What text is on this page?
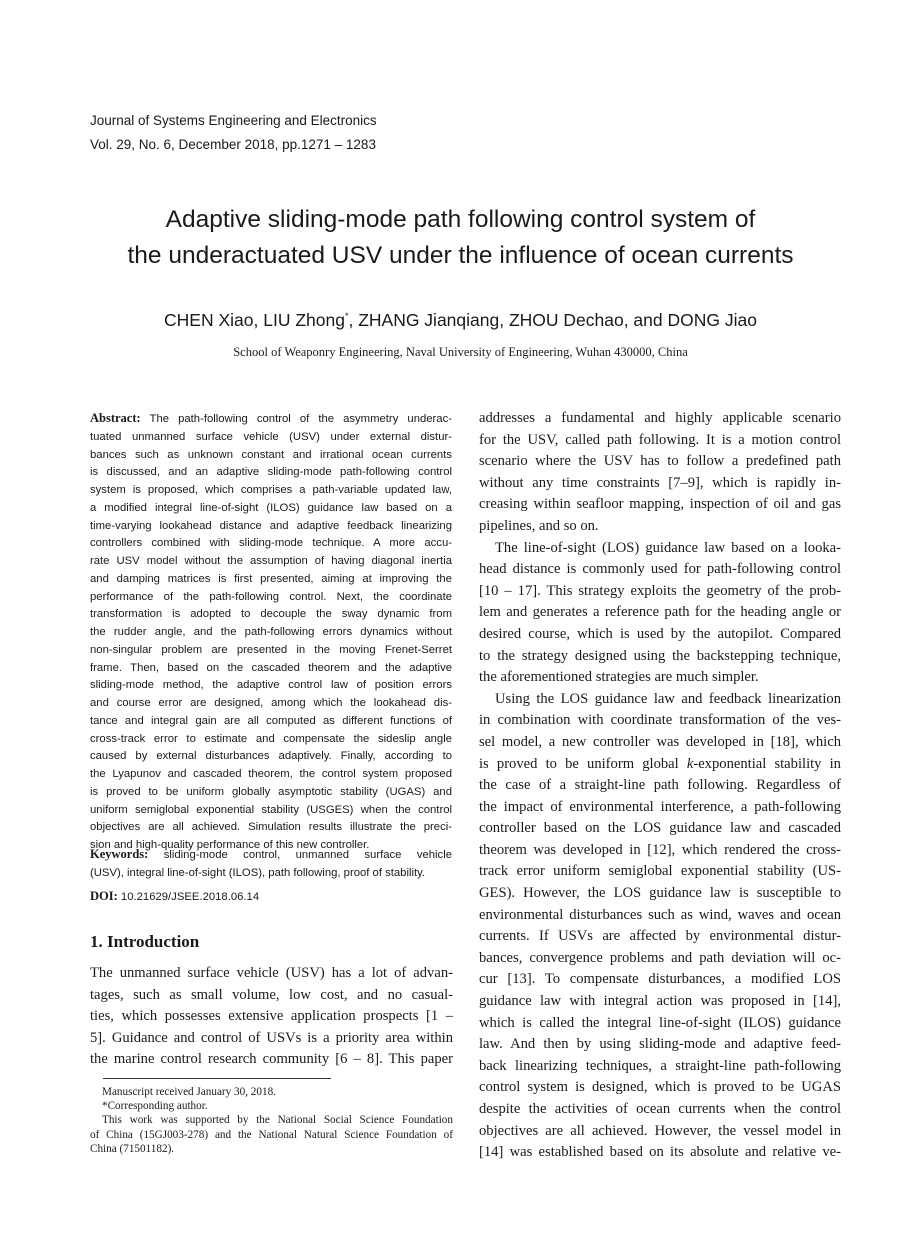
Journal of Systems Engineering and Electronics
Vol. 29, No. 6, December 2018, pp.1271 – 1283
Adaptive sliding-mode path following control system of
the underactuated USV under the influence of ocean currents
CHEN Xiao, LIU Zhong*, ZHANG Jianqiang, ZHOU Dechao, and DONG Jiao
School of Weaponry Engineering, Naval University of Engineering, Wuhan 430000, China
Abstract: The path-following control of the asymmetry underac-
tuated unmanned surface vehicle (USV) under external distur-
bances such as unknown constant and irrational ocean currents
is discussed, and an adaptive sliding-mode path-following control
system is proposed, which comprises a path-variable updated law,
a modified integral line-of-sight (ILOS) guidance law based on a
time-varying lookahead distance and adaptive feedback linearizing
controllers combined with sliding-mode technique. A more accu-
rate USV model without the assumption of having diagonal inertia
and damping matrices is first presented, aiming at improving the
performance of the path-following control. Next, the coordinate
transformation is adopted to decouple the sway dynamic from
the rudder angle, and the path-following errors dynamics without
non-singular problem are presented in the moving Frenet-Serret
frame. Then, based on the cascaded theorem and the adaptive
sliding-mode method, the adaptive control law of position errors
and course error are designed, among which the lookahead dis-
tance and integral gain are all computed as different functions of
cross-track error to estimate and compensate the sideslip angle
caused by external disturbances adaptively. Finally, according to
the Lyapunov and cascaded theorem, the control system proposed
is proved to be uniform globally asymptotic stability (UGAS) and
uniform semiglobal exponential stability (USGES) when the control
objectives are all achieved. Simulation results illustrate the preci-
sion and high-quality performance of this new controller.
Keywords: sliding-mode control, unmanned surface vehicle
(USV), integral line-of-sight (ILOS), path following, proof of stability.
DOI: 10.21629/JSEE.2018.06.14
1. Introduction
The unmanned surface vehicle (USV) has a lot of advan-
tages, such as small volume, low cost, and no casual-
ties, which possesses extensive application prospects [1 –
5]. Guidance and control of USVs is a priority area within
the marine control research community [6 – 8]. This paper
Manuscript received January 30, 2018.
*Corresponding author.
This work was supported by the National Social Science Foundation
of China (15GJ003-278) and the National Natural Science Foundation of
China (71501182).
addresses a fundamental and highly applicable scenario
for the USV, called path following. It is a motion control
scenario where the USV has to follow a predefined path
without any time constraints [7–9], which is rapidly in-
creasing within seafloor mapping, inspection of oil and gas
pipelines, and so on.
The line-of-sight (LOS) guidance law based on a looka-
head distance is commonly used for path-following control
[10 – 17]. This strategy exploits the geometry of the prob-
lem and generates a reference path for the heading angle or
desired course, which is used by the autopilot. Compared
to the strategy designed using the backstepping technique,
the aforementioned strategies are much simpler.
Using the LOS guidance law and feedback linearization
in combination with coordinate transformation of the ves-
sel model, a new controller was developed in [18], which
is proved to be uniform global k-exponential stability in
the case of a straight-line path following. Regardless of
the impact of environmental interference, a path-following
controller based on the LOS guidance law and cascaded
theorem was developed in [12], which rendered the cross-
track error uniform semiglobal exponential stability (US-
GES). However, the LOS guidance law is susceptible to
environmental disturbances such as wind, waves and ocean
currents. If USVs are affected by environmental distur-
bances, convergence problems and path deviation will oc-
cur [13]. To compensate disturbances, a modified LOS
guidance law with integral action was proposed in [14],
which is called the integral line-of-sight (ILOS) guidance
law. And then by using sliding-mode and adaptive feed-
back linearizing techniques, a straight-line path-following
control system is designed, which is proved to be UGAS
despite the activities of ocean currents when the control
objectives are all achieved. However, the vessel model in
[14] was established based on its absolute and relative ve-
